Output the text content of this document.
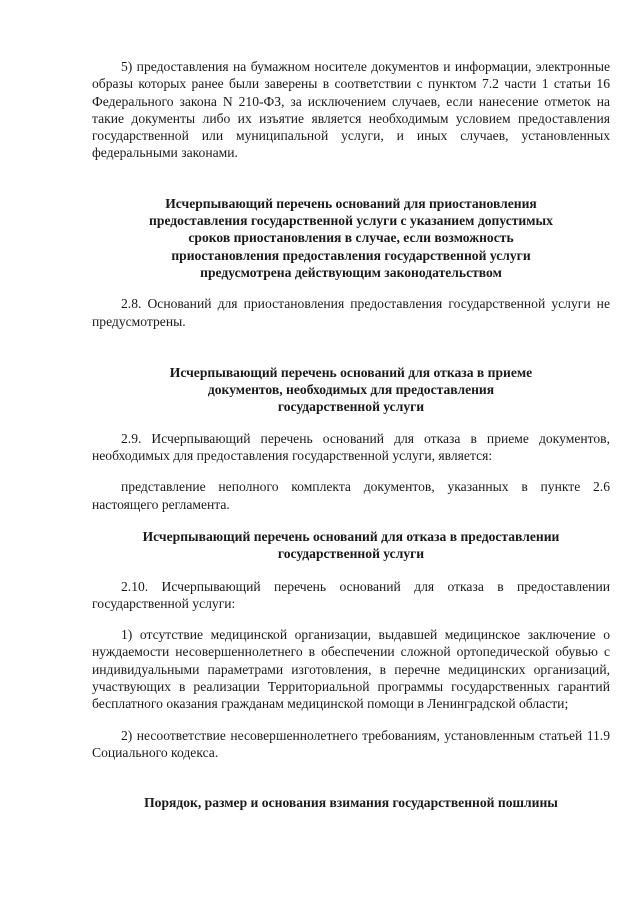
5) предоставления на бумажном носителе документов и информации, электронные образы которых ранее были заверены в соответствии с пунктом 7.2 части 1 статьи 16 Федерального закона N 210-ФЗ, за исключением случаев, если нанесение отметок на такие документы либо их изъятие является необходимым условием предоставления государственной или муниципальной услуги, и иных случаев, установленных федеральными законами.

Исчерпывающий перечень оснований для приостановления
предоставления государственной услуги с указанием допустимых
сроков приостановления в случае, если возможность
приостановления предоставления государственной услуги
предусмотрена действующим законодательством

2.8. Оснований для приостановления предоставления государственной услуги не предусмотрены.

Исчерпывающий перечень оснований для отказа в приеме
документов, необходимых для предоставления
государственной услуги

2.9. Исчерпывающий перечень оснований для отказа в приеме документов, необходимых для предоставления государственной услуги, является:

представление неполного комплекта документов, указанных в пункте 2.6 настоящего регламента.

Исчерпывающий перечень оснований для отказа в предоставлении
государственной услуги

2.10. Исчерпывающий перечень оснований для отказа в предоставлении государственной услуги:

1) отсутствие медицинской организации, выдавшей медицинское заключение о нуждаемости несовершеннолетнего в обеспечении сложной ортопедической обувью с индивидуальными параметрами изготовления, в перечне медицинских организаций, участвующих в реализации Территориальной программы государственных гарантий бесплатного оказания гражданам медицинской помощи в Ленинградской области;

2) несоответствие несовершеннолетнего требованиям, установленным статьей 11.9 Социального кодекса.

Порядок, размер и основания взимания государственной пошлины
